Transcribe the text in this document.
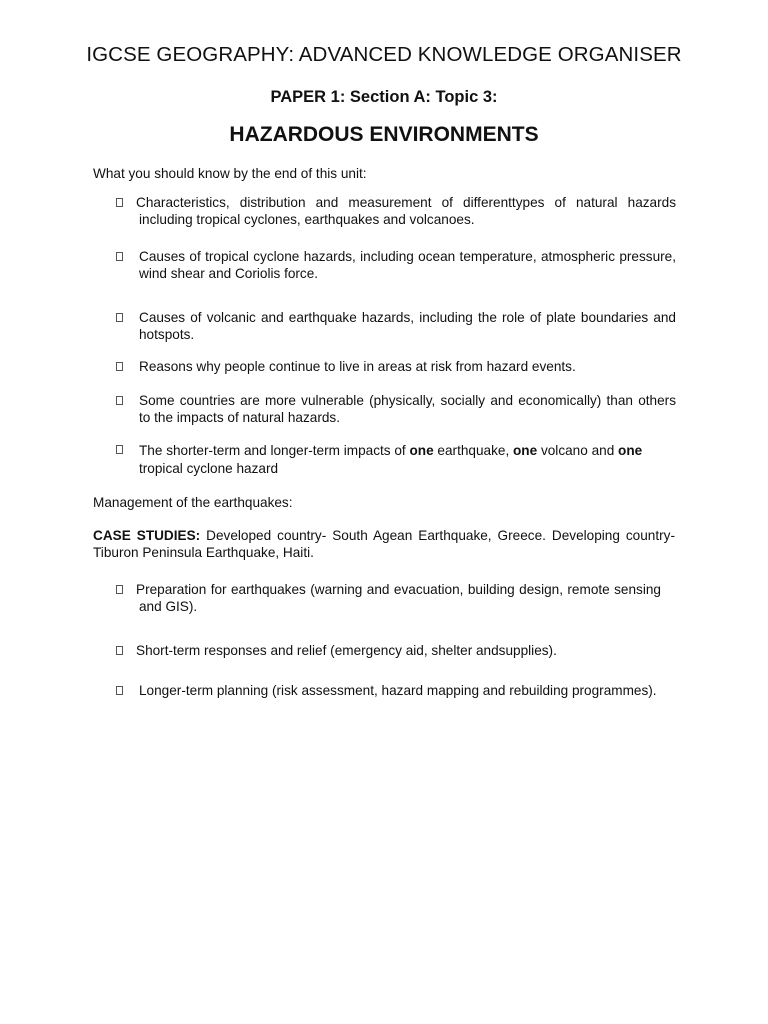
IGCSE GEOGRAPHY: ADVANCED KNOWLEDGE ORGANISER
PAPER 1: Section A: Topic 3:
HAZARDOUS ENVIRONMENTS
What you should know by the end of this unit:
Characteristics, distribution and measurement of differenttypes of natural hazards including tropical cyclones, earthquakes and volcanoes.
Causes of tropical cyclone hazards, including ocean temperature, atmospheric pressure, wind shear and Coriolis force.
Causes of volcanic and earthquake hazards, including the role of plate boundaries and hotspots.
Reasons why people continue to live in areas at risk from hazard events.
Some countries are more vulnerable (physically, socially and economically) than others to the impacts of natural hazards.
The shorter-term and longer-term impacts of one earthquake, one volcano and one tropical cyclone hazard
Management of the earthquakes:
CASE STUDIES: Developed country- South Agean Earthquake, Greece. Developing country- Tiburon Peninsula Earthquake, Haiti.
Preparation for earthquakes (warning and evacuation, building design, remote sensing and GIS).
Short-term responses and relief (emergency aid, shelter andsupplies).
Longer-term planning (risk assessment, hazard mapping and rebuilding programmes).
